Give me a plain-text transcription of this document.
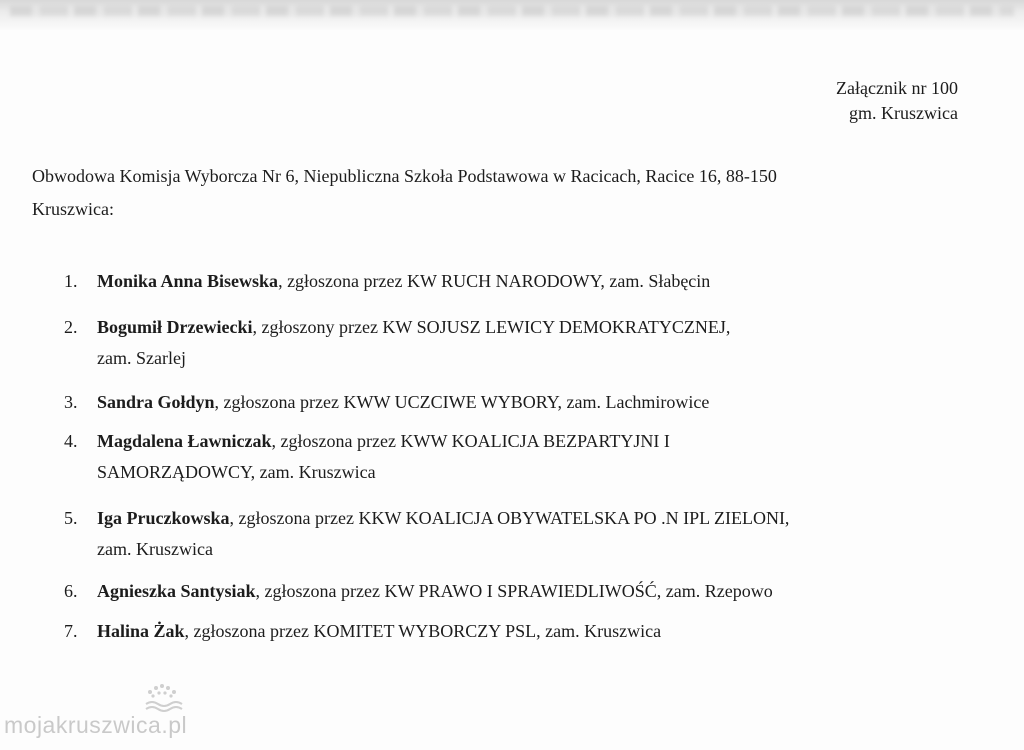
Załącznik nr 100
gm. Kruszwica
Obwodowa Komisja Wyborcza Nr 6, Niepubliczna Szkoła Podstawowa w Racicach, Racice 16, 88-150
Kruszwica:
1.	Monika Anna Bisewska, zgłoszona przez KW RUCH NARODOWY, zam. Słabęcin
2.	Bogumił Drzewiecki, zgłoszony przez KW SOJUSZ LEWICY DEMOKRATYCZNEJ,
zam. Szarlej
3.	Sandra Gołdyn, zgłoszona przez KWW UCZCIWE WYBORY, zam. Lachmirowice
4.	Magdalena Ławniczak, zgłoszona przez KWW KOALICJA BEZPARTYJNI I
SAMORZĄDOWCY, zam. Kruszwica
5.	Iga Pruczkowska, zgłoszona przez KKW KOALICJA OBYWATELSKA PO .N IPL ZIELONI,
zam. Kruszwica
6.	Agnieszka Santysiak, zgłoszona przez KW PRAWO I SPRAWIEDLIWOŚĆ, zam. Rzepowo
7.	Halina Żak, zgłoszona przez KOMITET WYBORCZY PSL, zam. Kruszwica
mojakruszwica.pl
